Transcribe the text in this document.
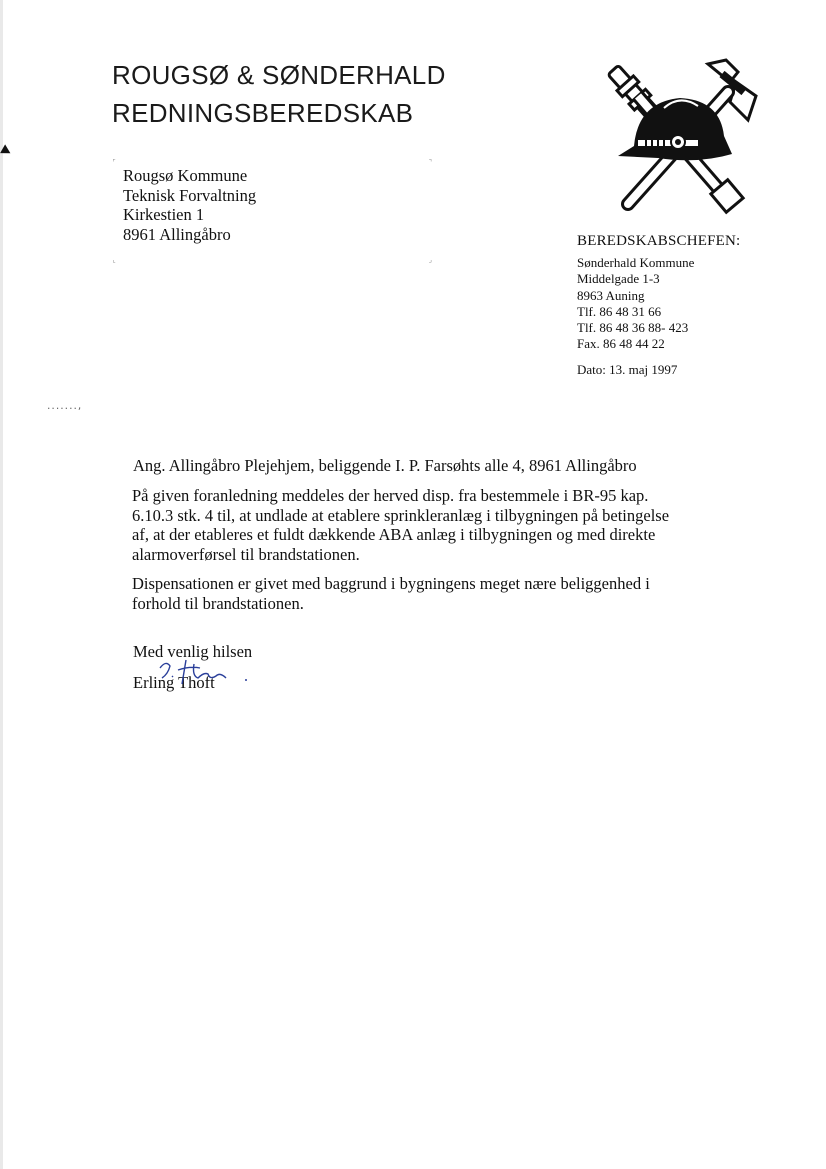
ROUGSØ & SØNDERHALD
REDNINGSBEREDSKAB
⌜	⌝
⌞	⌟
Rougsø Kommune
Teknisk Forvaltning
Kirkestien 1
8961 Allingåbro	BEREDSKABSCHEFEN:
Sønderhald Kommune
Middelgade 1-3
8963 Auning
Tlf. 86 48 31 66
Tlf. 86 48 36 88- 423
Fax. 86 48 44 22
Dato: 13. maj 1997
.......,
Ang. Allingåbro Plejehjem, beliggende I. P. Farsøhts alle 4, 8961 Allingåbro
På given foranledning meddeles der herved disp. fra bestemmele i BR-95 kap.
6.10.3 stk. 4 til, at undlade at etablere sprinkleranlæg i tilbygningen på betingelse
af, at der etableres et fuldt dækkende ABA anlæg i tilbygningen og med direkte
alarmoverførsel til brandstationen.
Dispensationen er givet med baggrund i bygningens meget nære beliggenhed i
forhold til brandstationen.
Med venlig hilsen
Erling Thoft
